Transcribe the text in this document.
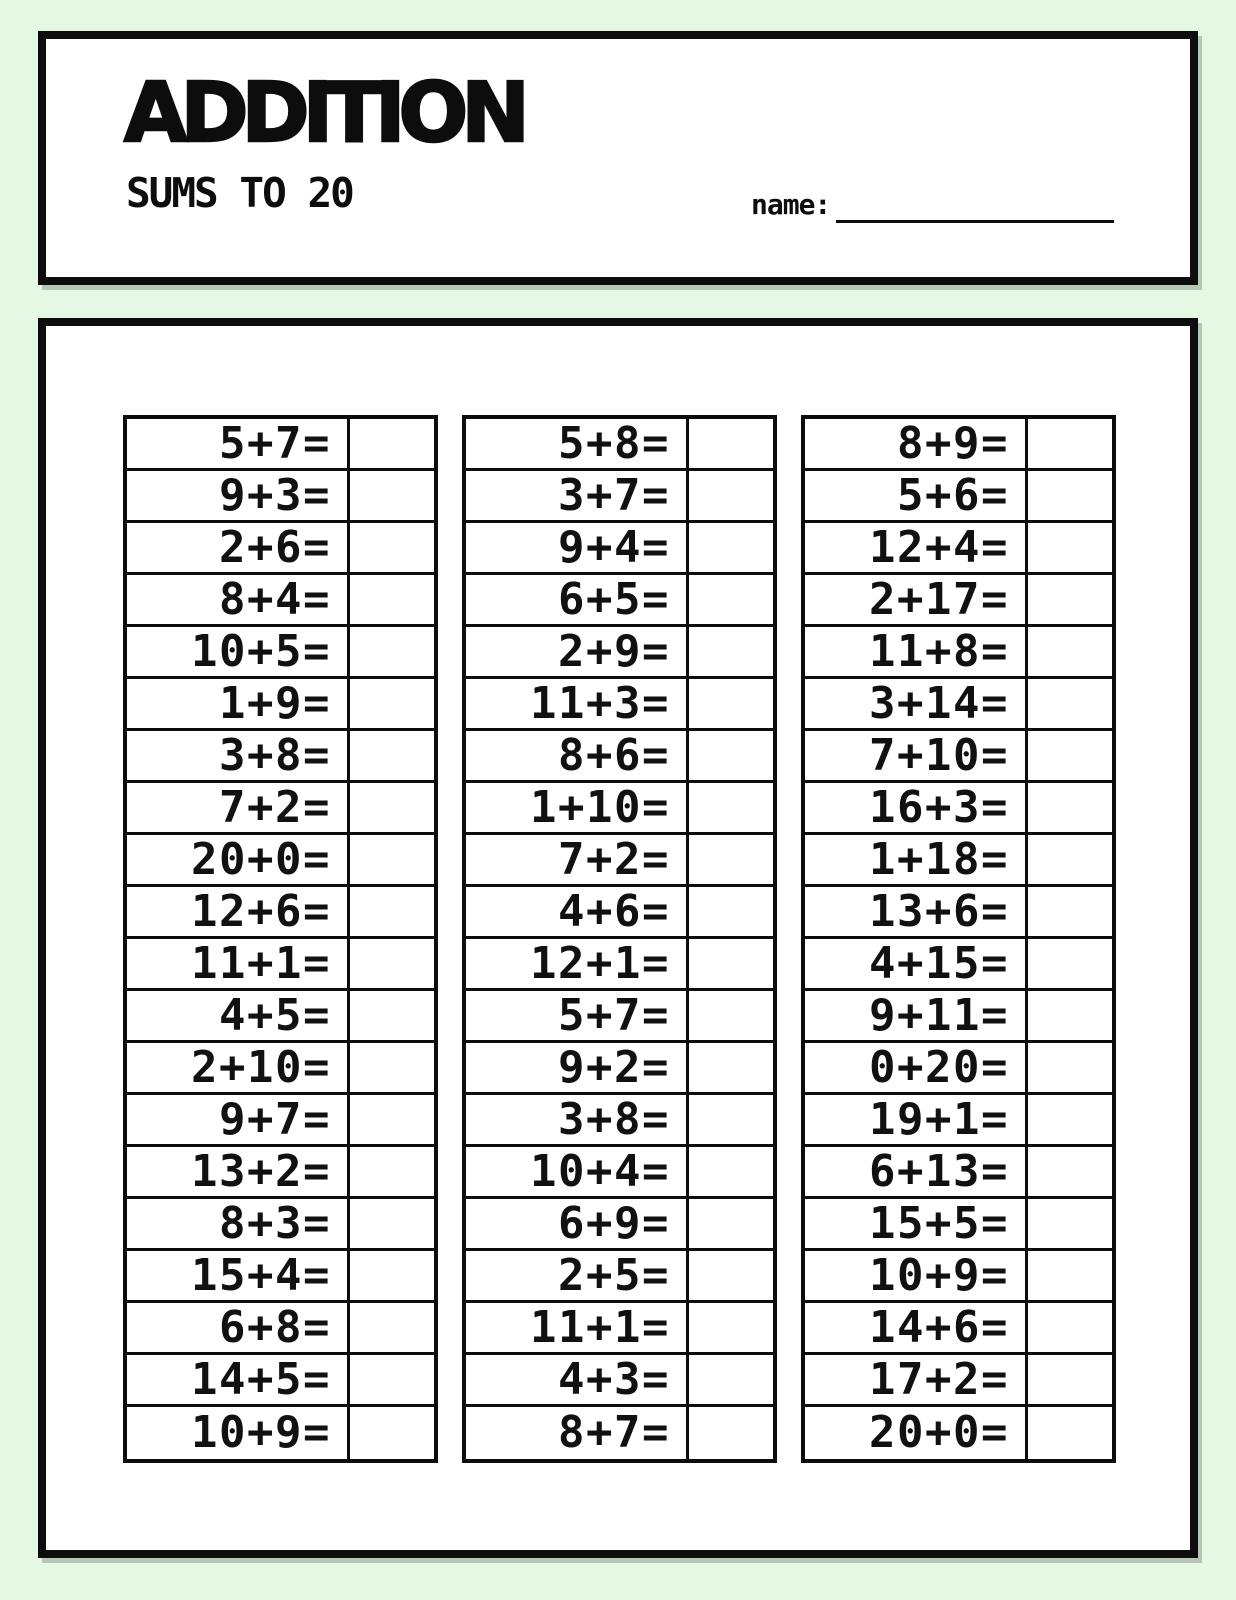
ADDITION
SUMS TO 20	name:
5+7=
9+3=
2+6=
8+4=
10+5=
1+9=
3+8=
7+2=
20+0=
12+6=
11+1=
4+5=
2+10=
9+7=
13+2=
8+3=
15+4=
6+8=
14+5=
10+9=
5+8=
3+7=
9+4=
6+5=
2+9=
11+3=
8+6=
1+10=
7+2=
4+6=
12+1=
5+7=
9+2=
3+8=
10+4=
6+9=
2+5=
11+1=
4+3=
8+7=
8+9=
5+6=
12+4=
2+17=
11+8=
3+14=
7+10=
16+3=
1+18=
13+6=
4+15=
9+11=
0+20=
19+1=
6+13=
15+5=
10+9=
14+6=
17+2=
20+0=
